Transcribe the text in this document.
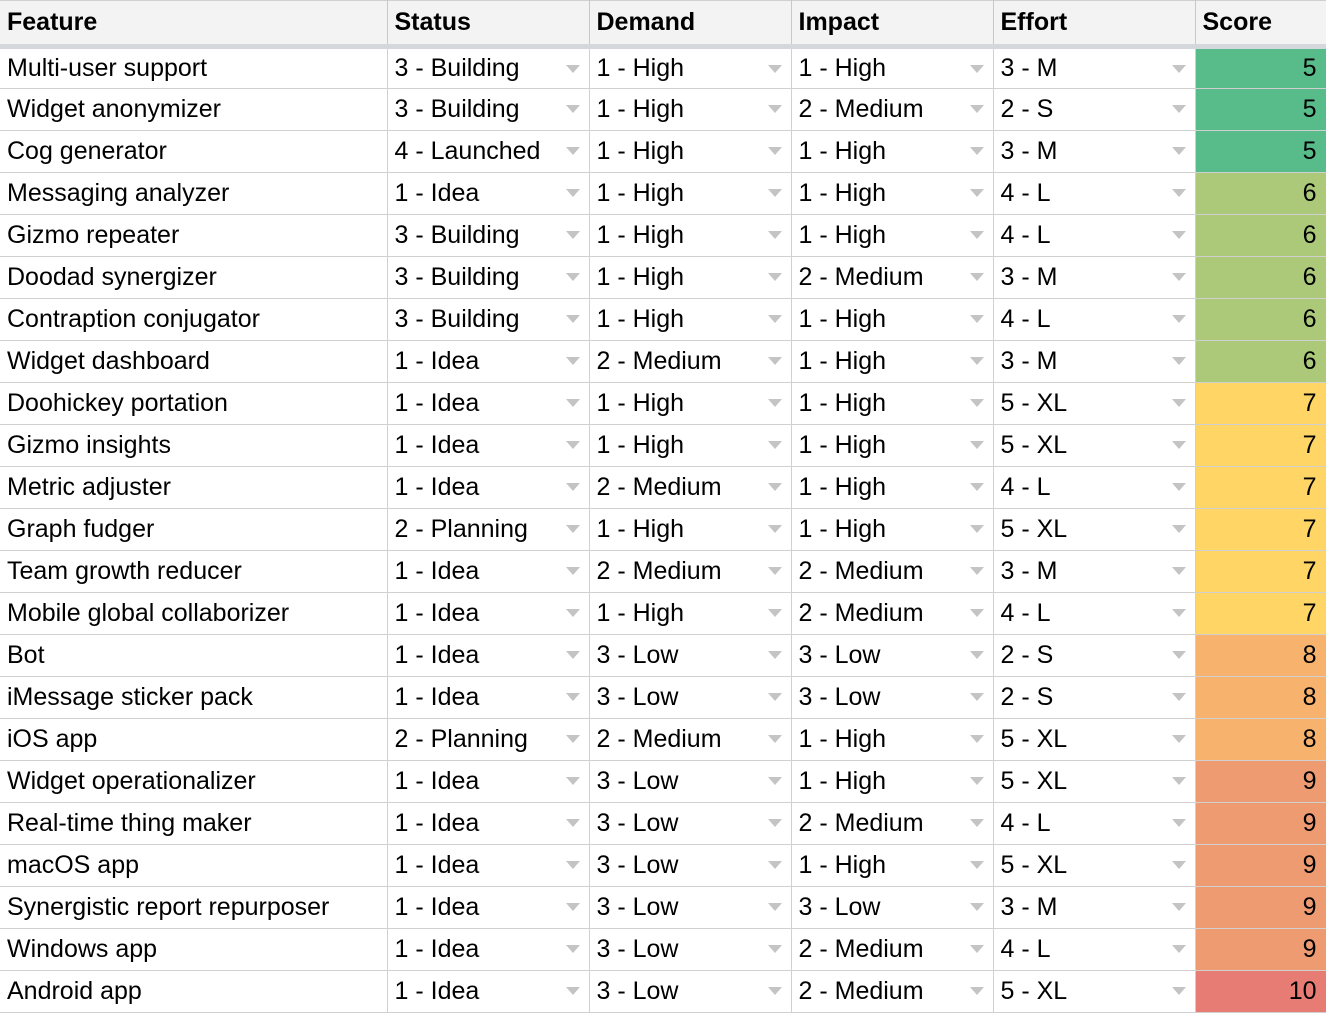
Feature	Status	Demand	Impact	Effort	Score
Multi-user support	3 - Building	1 - High	1 - High	3 - M	5
Widget anonymizer	3 - Building	1 - High	2 - Medium	2 - S	5
Cog generator	4 - Launched	1 - High	1 - High	3 - M	5
Messaging analyzer	1 - Idea	1 - High	1 - High	4 - L	6
Gizmo repeater	3 - Building	1 - High	1 - High	4 - L	6
Doodad synergizer	3 - Building	1 - High	2 - Medium	3 - M	6
Contraption conjugator	3 - Building	1 - High	1 - High	4 - L	6
Widget dashboard	1 - Idea	2 - Medium	1 - High	3 - M	6
Doohickey portation	1 - Idea	1 - High	1 - High	5 - XL	7
Gizmo insights	1 - Idea	1 - High	1 - High	5 - XL	7
Metric adjuster	1 - Idea	2 - Medium	1 - High	4 - L	7
Graph fudger	2 - Planning	1 - High	1 - High	5 - XL	7
Team growth reducer	1 - Idea	2 - Medium	2 - Medium	3 - M	7
Mobile global collaborizer	1 - Idea	1 - High	2 - Medium	4 - L	7
Bot	1 - Idea	3 - Low	3 - Low	2 - S	8
iMessage sticker pack	1 - Idea	3 - Low	3 - Low	2 - S	8
iOS app	2 - Planning	2 - Medium	1 - High	5 - XL	8
Widget operationalizer	1 - Idea	3 - Low	1 - High	5 - XL	9
Real-time thing maker	1 - Idea	3 - Low	2 - Medium	4 - L	9
macOS app	1 - Idea	3 - Low	1 - High	5 - XL	9
Synergistic report repurposer	1 - Idea	3 - Low	3 - Low	3 - M	9
Windows app	1 - Idea	3 - Low	2 - Medium	4 - L	9
Android app	1 - Idea	3 - Low	2 - Medium	5 - XL	10
